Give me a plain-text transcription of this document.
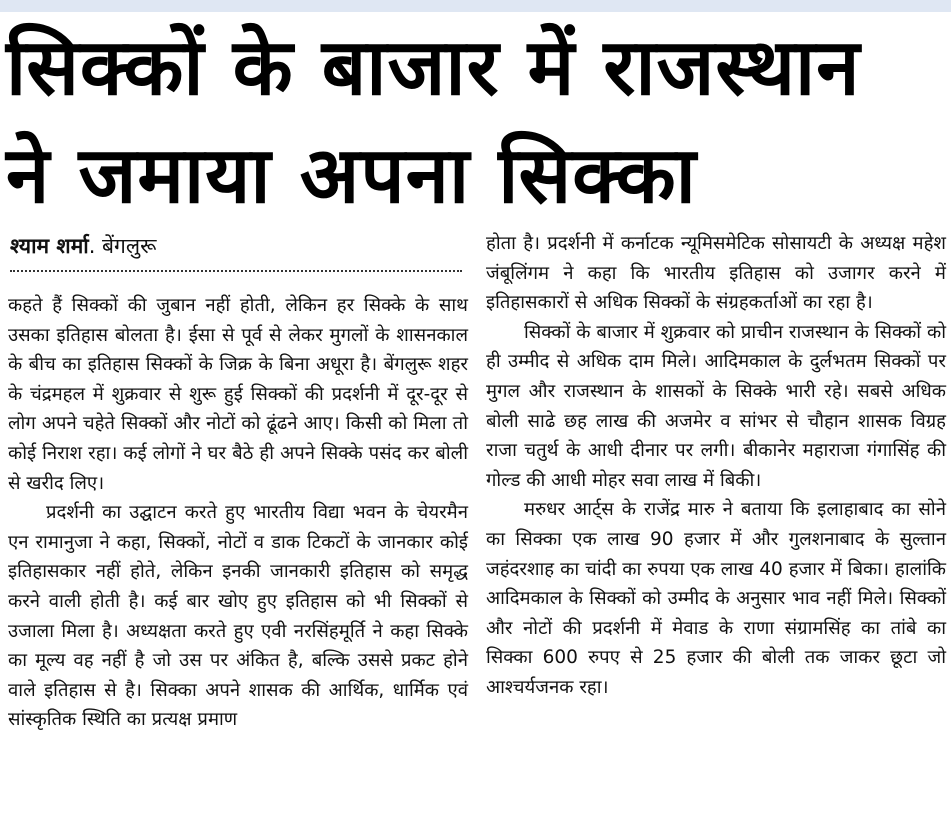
सिक्कों के बाजार में राजस्थान
ने जमाया अपना सिक्का
श्याम शर्मा. बेंगलुरू

कहते हैं सिक्कों की जुबान नहीं होती, लेकिन हर सिक्के के साथ उसका इतिहास बोलता है। ईसा से पूर्व से लेकर मुगलों के शासनकाल के बीच का इतिहास सिक्कों के जिक्र के बिना अधूरा है। बेंगलुरू शहर के चंद्रमहल में शुक्रवार से शुरू हुई सिक्कों की प्रदर्शनी में दूर-दूर से लोग अपने चहेते सिक्कों और नोटों को ढूंढने आए। किसी को मिला तो कोई निराश रहा। कई लोगों ने घर बैठे ही अपने सिक्के पसंद कर बोली से खरीद लिए।

प्रदर्शनी का उद्घाटन करते हुए भारतीय विद्या भवन के चेयरमैन एन रामानुजा ने कहा, सिक्कों, नोटों व डाक टिकटों के जानकार कोई इतिहासकार नहीं होते, लेकिन इनकी जानकारी इतिहास को समृद्ध करने वाली होती है। कई बार खोए हुए इतिहास को भी सिक्कों से उजाला मिला है। अध्यक्षता करते हुए एवी नरसिंहमूर्ति ने कहा सिक्के का मूल्य वह नहीं है जो उस पर अंकित है, बल्कि उससे प्रकट होने वाले इतिहास से है। सिक्का अपने शासक की आर्थिक, धार्मिक एवं सांस्कृतिक स्थिति का प्रत्यक्ष प्रमाण

होता है। प्रदर्शनी में कर्नाटक न्यूमिसमेटिक सोसायटी के अध्यक्ष महेश जंबूलिंगम ने कहा कि भारतीय इतिहास को उजागर करने में इतिहासकारों से अधिक सिक्कों के संग्रहकर्ताओं का रहा है।

सिक्कों के बाजार में शुक्रवार को प्राचीन राजस्थान के सिक्कों को ही उम्मीद से अधिक दाम मिले। आदिमकाल के दुर्लभतम सिक्कों पर मुगल और राजस्थान के शासकों के सिक्के भारी रहे। सबसे अधिक बोली साढे छह लाख की अजमेर व सांभर से चौहान शासक विग्रह राजा चतुर्थ के आधी दीनार पर लगी। बीकानेर महाराजा गंगासिंह की गोल्ड की आधी मोहर सवा लाख में बिकी।

मरुधर आर्ट्स के राजेंद्र मारु ने बताया कि इलाहाबाद का सोने का सिक्का एक लाख 90 हजार में और गुलशनाबाद के सुल्तान जहंदरशाह का चांदी का रुपया एक लाख 40 हजार में बिका। हालांकि आदिमकाल के सिक्कों को उम्मीद के अनुसार भाव नहीं मिले। सिक्कों और नोटों की प्रदर्शनी में मेवाड के राणा संग्रामसिंह का तांबे का सिक्का 600 रुपए से 25 हजार की बोली तक जाकर छूटा जो आश्चर्यजनक रहा।
